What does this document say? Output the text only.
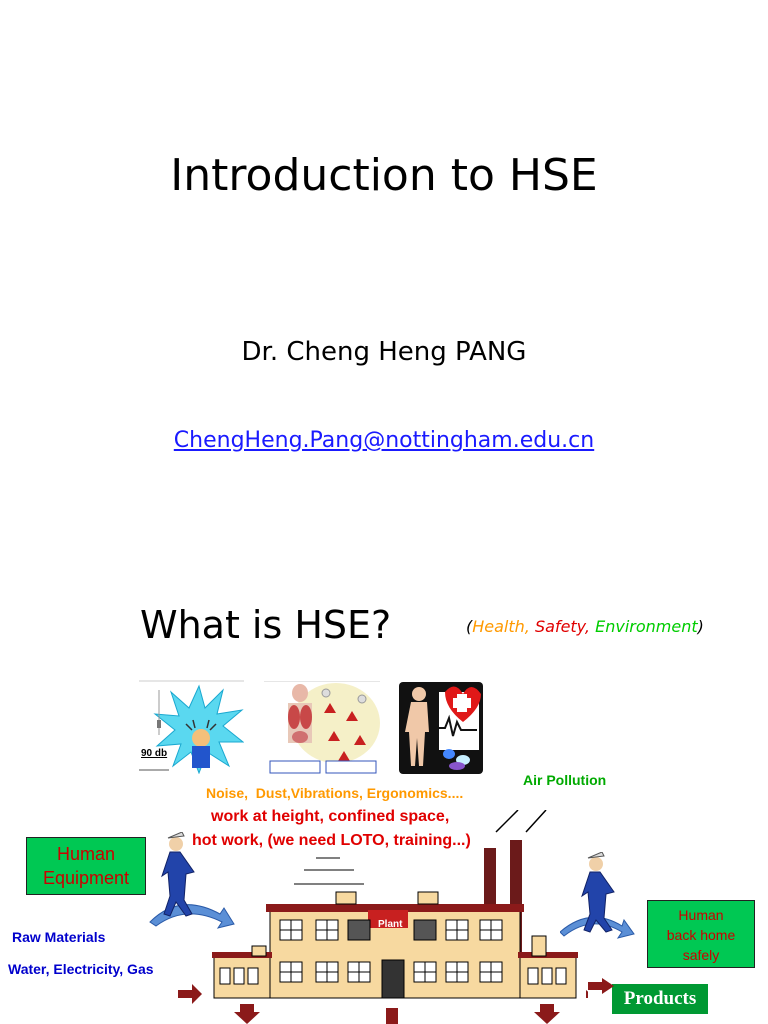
Introduction to HSE
Dr. Cheng Heng PANG
ChengHeng.Pang@nottingham.edu.cn
What is HSE?	(Health, Safety, Environment)
90 db
Noise,  Dust,Vibrations, Ergonomics....
work at height, confined space,
hot work, (we need LOTO, training...)
Air Pollution
Human
Equipment
Raw Materials
Water, Electricity, Gas
Human
back home
safely
Products
Plant
